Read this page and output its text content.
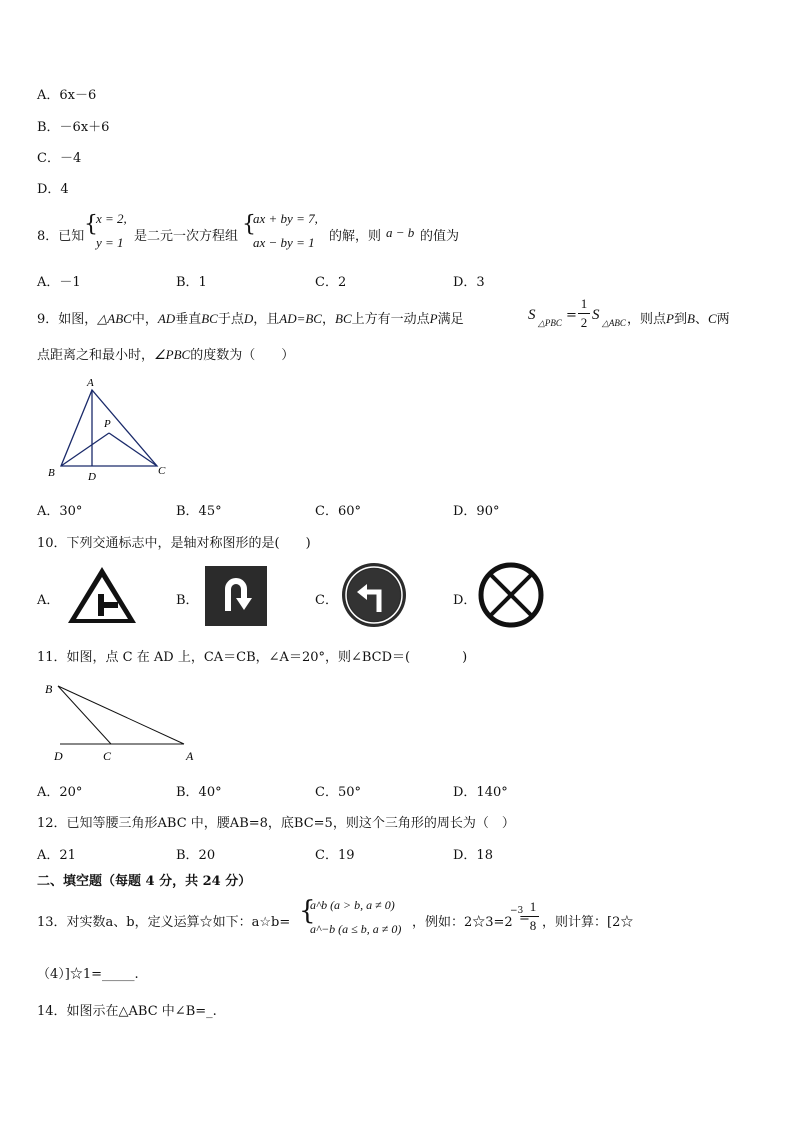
A．6x－6
B．－6x＋6
C．－4
D．4
8．已知 {
x = 2,
y = 1 是二元一次方程组 {
ax + by = 7,
ax − by = 1 的解，则 a − b 的值为
A．－1	B．1	C．2	D．3
9．如图，△ABC中，AD垂直BC于点D，且AD=BC，BC上方有一动点P满足	S △PBC =
1
2 S △ABC ，则点P到B、C两
点距离之和最小时，∠PBC的度数为（　　）
A
P
B	D	C
A．30°	B．45°	C．60°	D．90°
10．下列交通标志中，是轴对称图形的是(　　)
A．	B．	C．	D．
11．如图，点 C 在 AD 上，CA＝CB，∠A＝20°，则∠BCD＝(　　　　)
B
D	C	A
A．20°	B．40°	C．50°	D．140°
12．已知等腰三角形ABC 中，腰AB=8，底BC=5，则这个三角形的周长为（　）
A．21	B．20	C．19	D．18
二、填空题（每题 4 分，共 24 分）
13．对实数a、b，定义运算☆如下：a☆b= {
a^b (a > b, a ≠ 0)
a^−b (a ≤ b, a ≠ 0) ，例如：2☆3=2
−3
=
1
8 ，则计算：[2☆
（4）]☆1=_____.
14．如图示在△ABC 中∠B=_.
